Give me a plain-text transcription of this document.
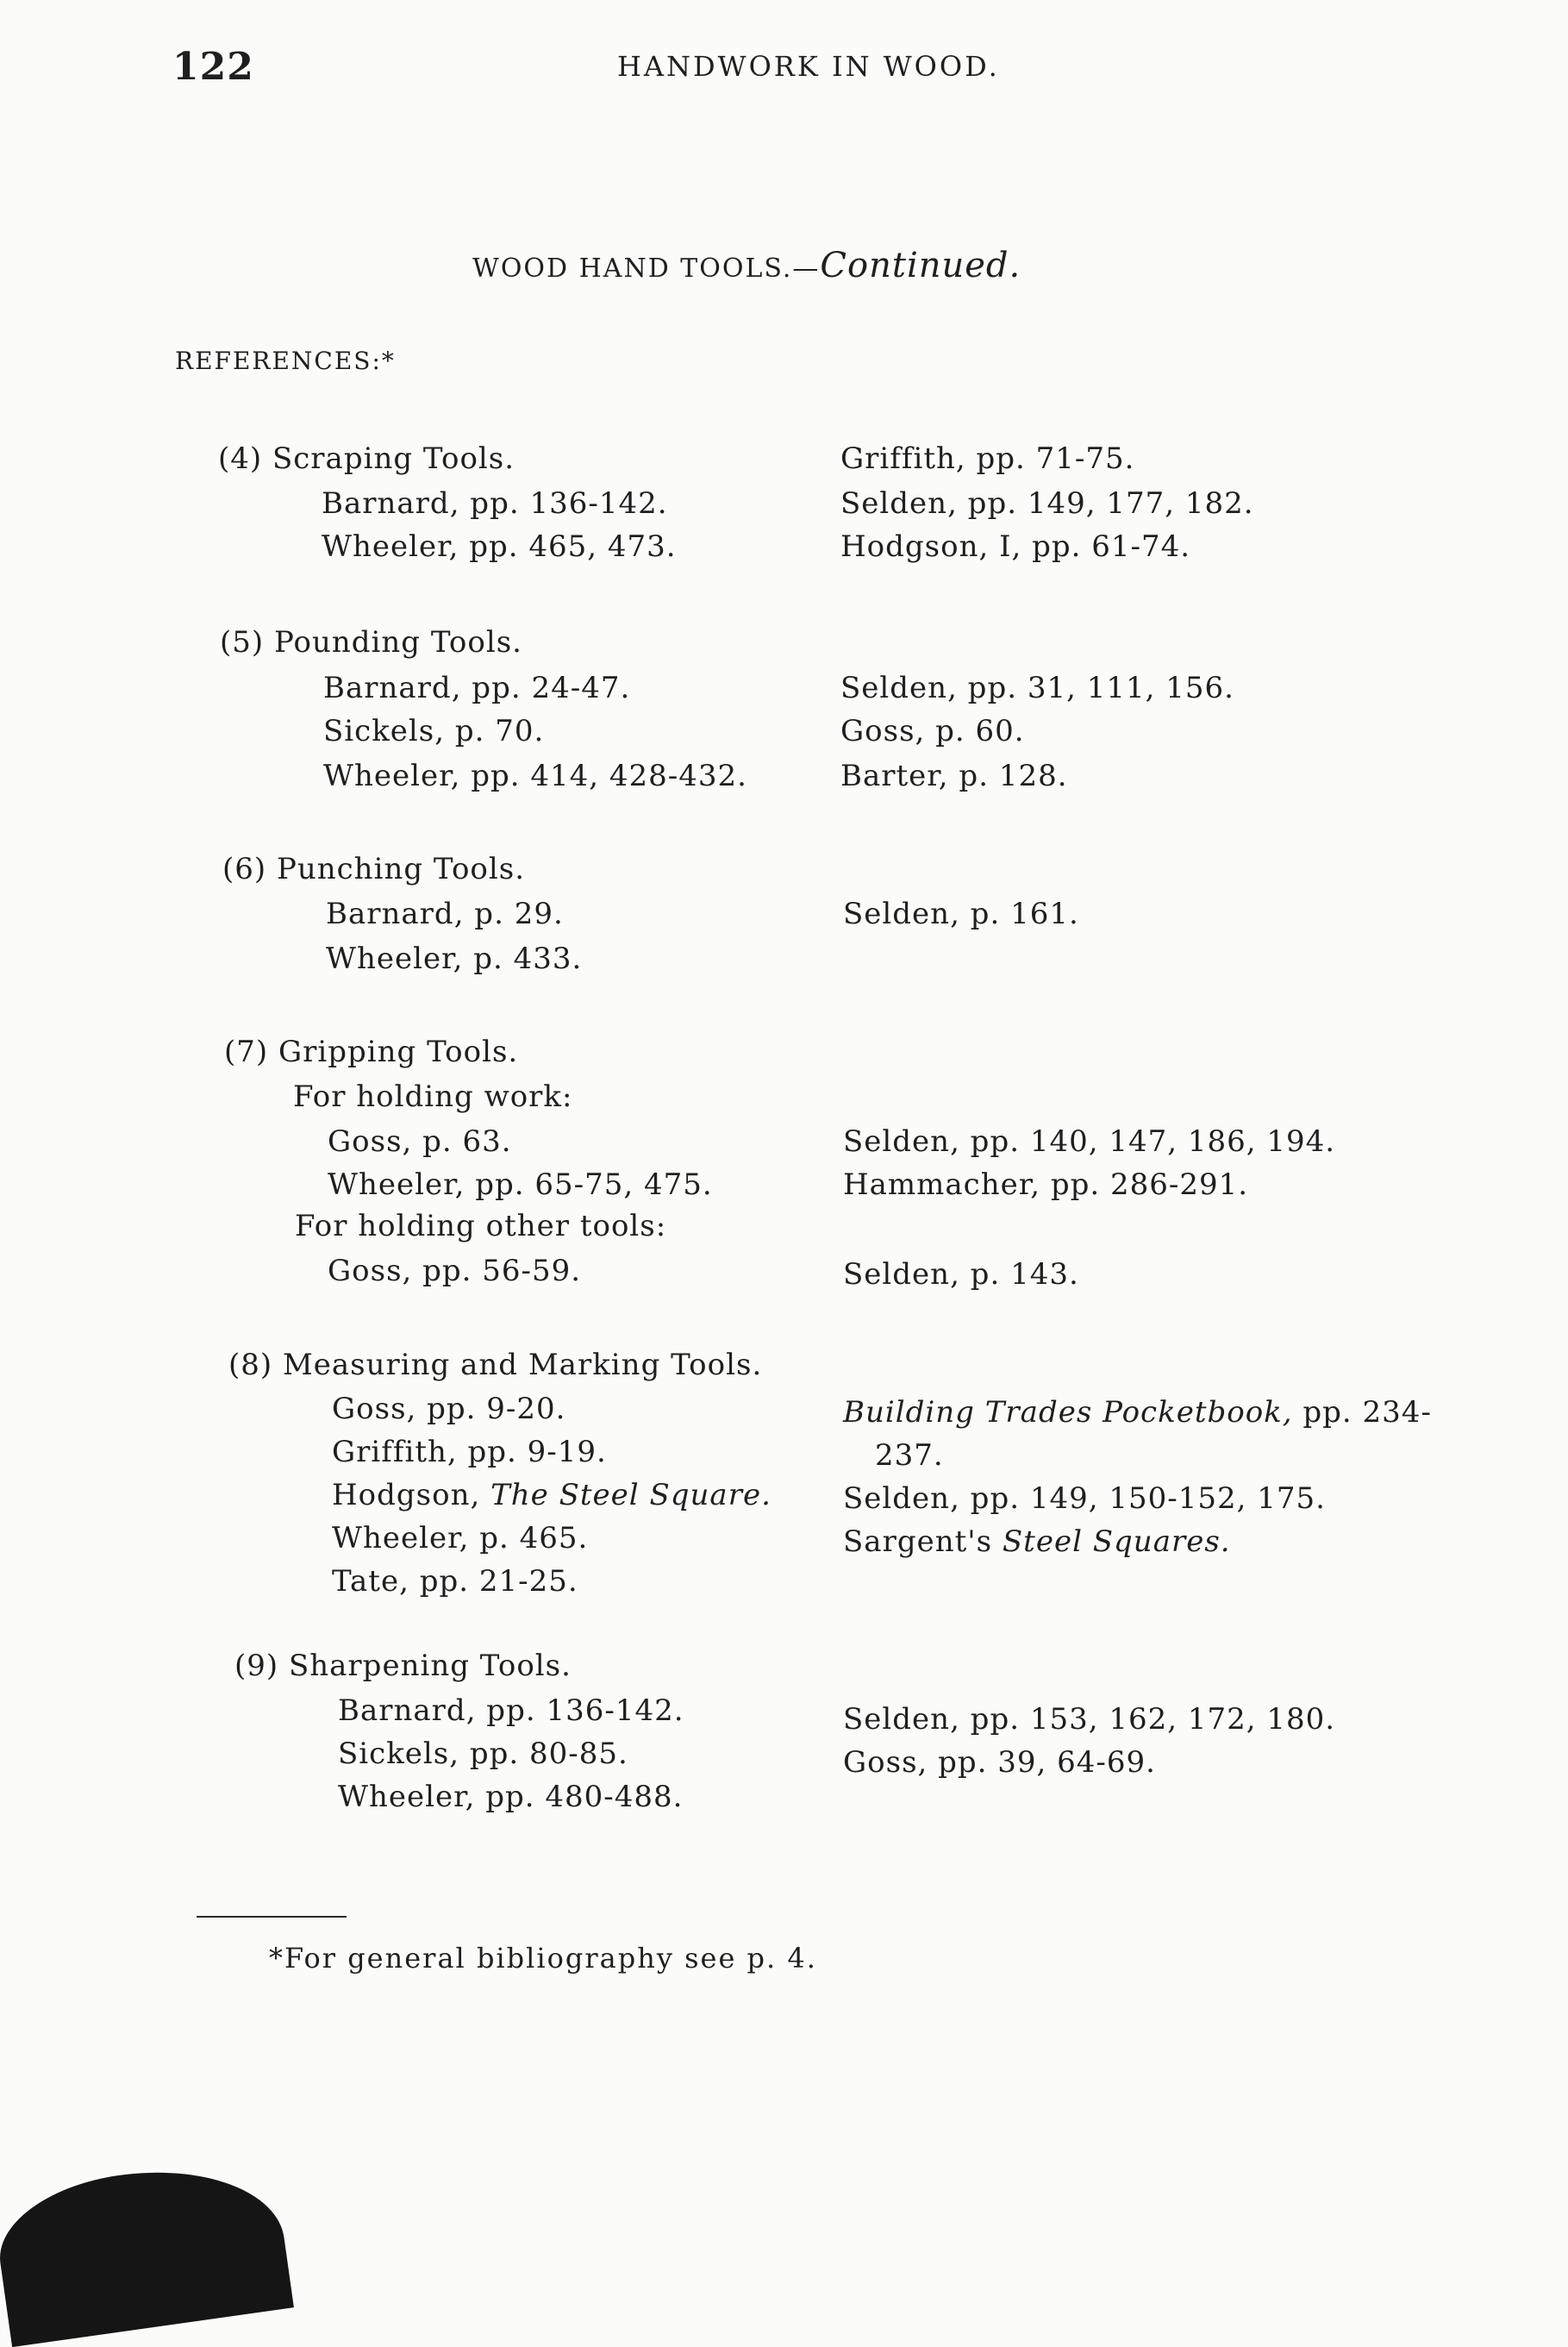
122	HANDWORK IN WOOD.
WOOD HAND TOOLS.—Continued.
REFERENCES:*
(4) Scraping Tools.
Barnard, pp. 136-142.
Wheeler, pp. 465, 473.
Griffith, pp. 71-75.
Selden, pp. 149, 177, 182.
Hodgson, I, pp. 61-74.
(5) Pounding Tools.
Barnard, pp. 24-47.
Sickels, p. 70.
Wheeler, pp. 414, 428-432.
Selden, pp. 31, 111, 156.
Goss, p. 60.
Barter, p. 128.
(6) Punching Tools.
Barnard, p. 29.
Wheeler, p. 433.
Selden, p. 161.
(7) Gripping Tools.
For holding work:
Goss, p. 63.
Wheeler, pp. 65-75, 475.
Selden, pp. 140, 147, 186, 194.
Hammacher, pp. 286-291.
For holding other tools:
Goss, pp. 56-59.	Selden, p. 143.
(8) Measuring and Marking Tools.
Goss, pp. 9-20.
Griffith, pp. 9-19.
Hodgson, The Steel Square.
Wheeler, p. 465.
Tate, pp. 21-25.
Building Trades Pocketbook, pp. 234-
237.
Selden, pp. 149, 150-152, 175.
Sargent's Steel Squares.
(9) Sharpening Tools.
Barnard, pp. 136-142.
Sickels, pp. 80-85.
Wheeler, pp. 480-488.
Selden, pp. 153, 162, 172, 180.
Goss, pp. 39, 64-69.
*For general bibliography see p. 4.
